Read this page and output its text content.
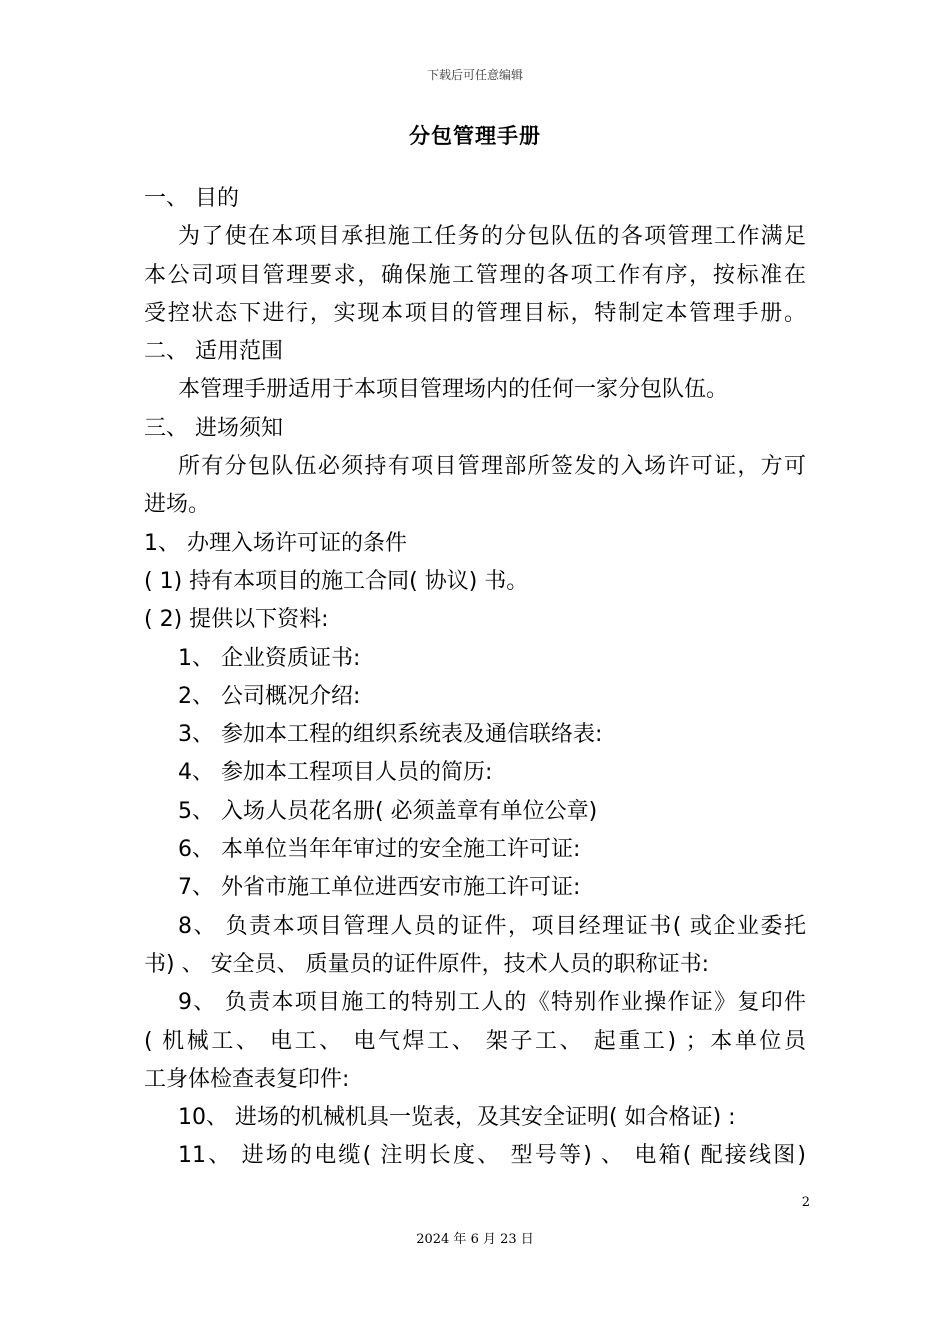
下载后可任意编辑
分包管理手册
一、 目的
为了使在本项目承担施工任务的分包队伍的各项管理工作满足
本公司项目管理要求，确保施工管理的各项工作有序，按标准在
受控状态下进行，实现本项目的管理目标，特制定本管理手册。
二、 适用范围
本管理手册适用于本项目管理场内的任何一家分包队伍。
三、 进场须知
所有分包队伍必须持有项目管理部所签发的入场许可证，方可
进场。
1、 办理入场许可证的条件
( 1) 持有本项目的施工合同( 协议) 书。
( 2) 提供以下资料:
1、 企业资质证书:
2、 公司概况介绍:
3、 参加本工程的组织系统表及通信联络表:
4、 参加本工程项目人员的简历:
5、 入场人员花名册( 必须盖章有单位公章)
6、 本单位当年年审过的安全施工许可证:
7、 外省市施工单位进西安市施工许可证:
8、 负责本项目管理人员的证件，项目经理证书( 或企业委托
书) 、 安全员、 质量员的证件原件，技术人员的职称证书:
9、 负责本项目施工的特别工人的《特别作业操作证》复印件
( 机械工、 电工、 电气焊工、 架子工、 起重工) ；本单位员
工身体检查表复印件:
10、 进场的机械机具一览表，及其安全证明( 如合格证) :
11、 进场的电缆( 注明长度、 型号等) 、 电箱( 配接线图)
2
2024 年 6 月 23 日
